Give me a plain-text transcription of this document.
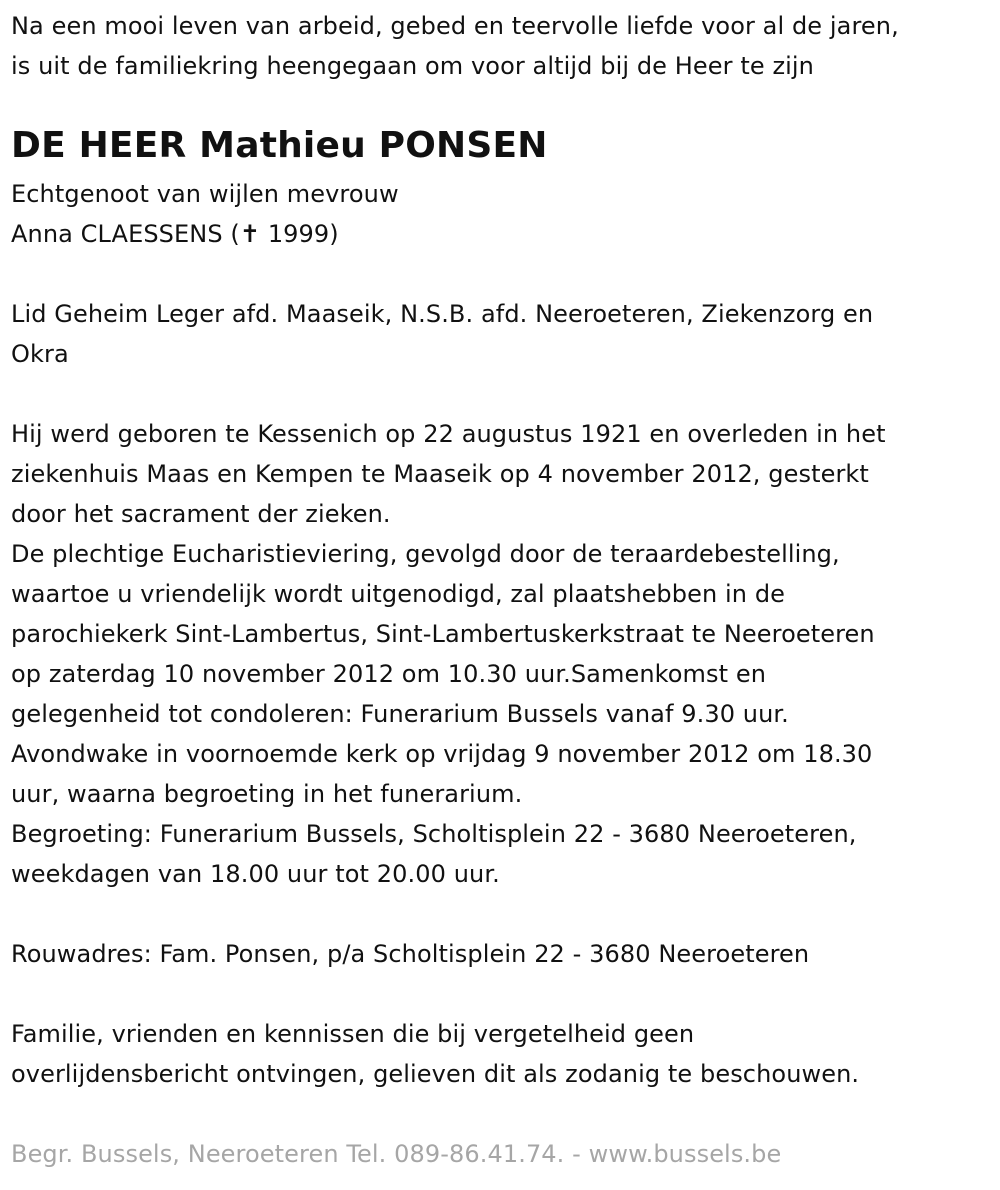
Na een mooi leven van arbeid, gebed en teervolle liefde voor al de jaren,
is uit de familiekring heengegaan om voor altijd bij de Heer te zijn
DE HEER Mathieu PONSEN
Echtgenoot van wijlen mevrouw
Anna CLAESSENS (✝ 1999)
Lid Geheim Leger afd. Maaseik, N.S.B. afd. Neeroeteren, Ziekenzorg en
Okra
Hij werd geboren te Kessenich op 22 augustus 1921 en overleden in het
ziekenhuis Maas en Kempen te Maaseik op 4 november 2012, gesterkt
door het sacrament der zieken.
De plechtige Eucharistieviering, gevolgd door de teraardebestelling,
waartoe u vriendelijk wordt uitgenodigd, zal plaatshebben in de
parochiekerk Sint-Lambertus, Sint-Lambertuskerkstraat te Neeroeteren
op zaterdag 10 november 2012 om 10.30 uur.Samenkomst en
gelegenheid tot condoleren: Funerarium Bussels vanaf 9.30 uur.
Avondwake in voornoemde kerk op vrijdag 9 november 2012 om 18.30
uur, waarna begroeting in het funerarium.
Begroeting: Funerarium Bussels, Scholtisplein 22 - 3680 Neeroeteren,
weekdagen van 18.00 uur tot 20.00 uur.
Rouwadres: Fam. Ponsen, p/a Scholtisplein 22 - 3680 Neeroeteren
Familie, vrienden en kennissen die bij vergetelheid geen
overlijdensbericht ontvingen, gelieven dit als zodanig te beschouwen.
Begr. Bussels, Neeroeteren Tel. 089-86.41.74. - www.bussels.be
